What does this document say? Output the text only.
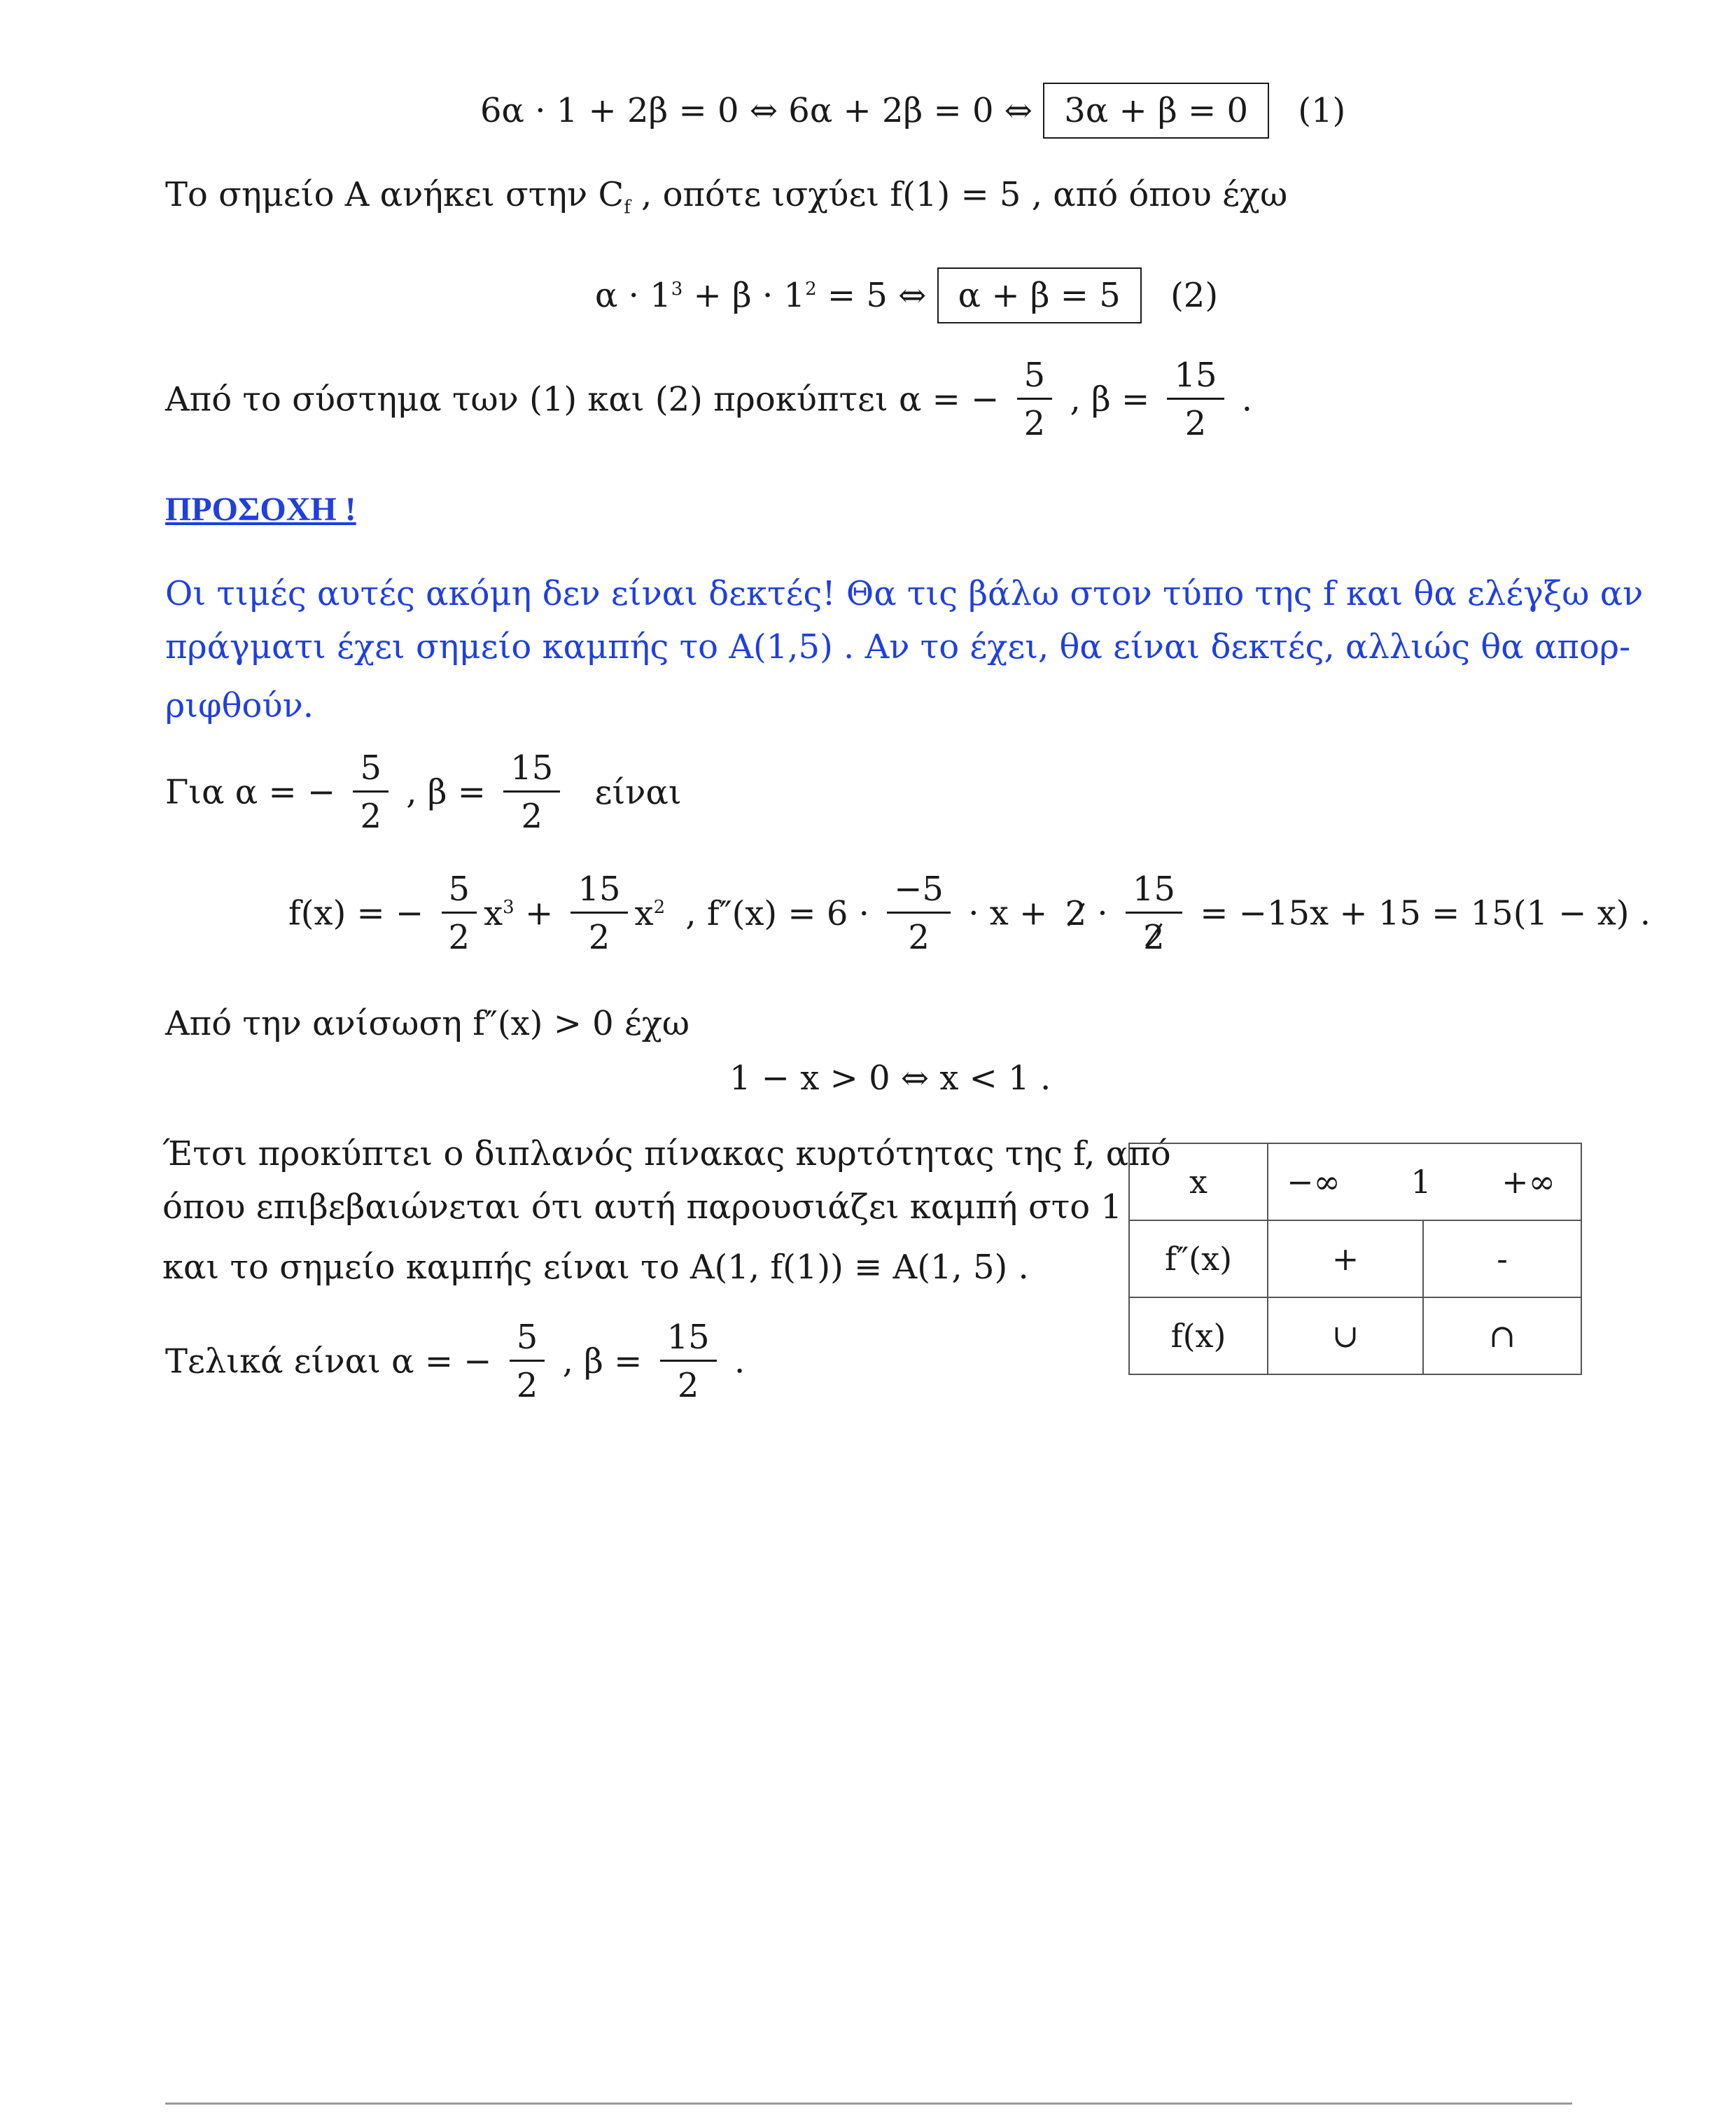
6α · 1 + 2β = 0 ⇔ 6α + 2β = 0 ⇔ 3α + β = 0 (1)
Το σημείο Α ανήκει στην $C_f$ , οπότε ισχύει f(1) = 5 , από όπου έχω
$\alpha \cdot 1^3 + \beta \cdot 1^2 = 5$ ⇔ α + β = 5 (2)
Από το σύστημα των (1) και (2) προκύπτει α = − $\frac{5}{2}$ , $\beta = \frac{15}{2}$ .
ΠΡΟΣΟΧΗ !
Οι τιμές αυτές ακόμη δεν είναι δεκτές! Θα τις βάλω στον τύπο της f και θα ελέγξω αν
πράγματι έχει σημείο καμπής το Α(1,5) . Αν το έχει, θα είναι δεκτές, αλλιώς θα απορ-
ριφθούν.
Για α = − $\frac{5}{2}$ , $\beta = \frac{15}{2}$ είναι
f(x) = − $\frac{5}{2} x^3 + \frac{15}{2} x^2$ , $f''(x) = 6 \cdot \frac{-5}{2} \cdot x + 2 \cdot \frac{15}{2} = -15x + 15 = 15(1 - x)$ .
Από την ανίσωση f″(x) > 0 έχω
1 − x > 0 ⇔ x < 1 .
Έτσι προκύπτει ο διπλανός πίνακας κυρτότητας της f, από
όπου επιβεβαιώνεται ότι αυτή παρουσιάζει καμπή στο 1
και το σημείο καμπής είναι το Α(1, f(1)) ≡ Α(1, 5) .
Τελικά είναι α = − $\frac{5}{2}$ , $\beta = \frac{15}{2}$ .
x	−∞ 1 +∞	

f″(x)	+	-
f(x)	∪	∩
